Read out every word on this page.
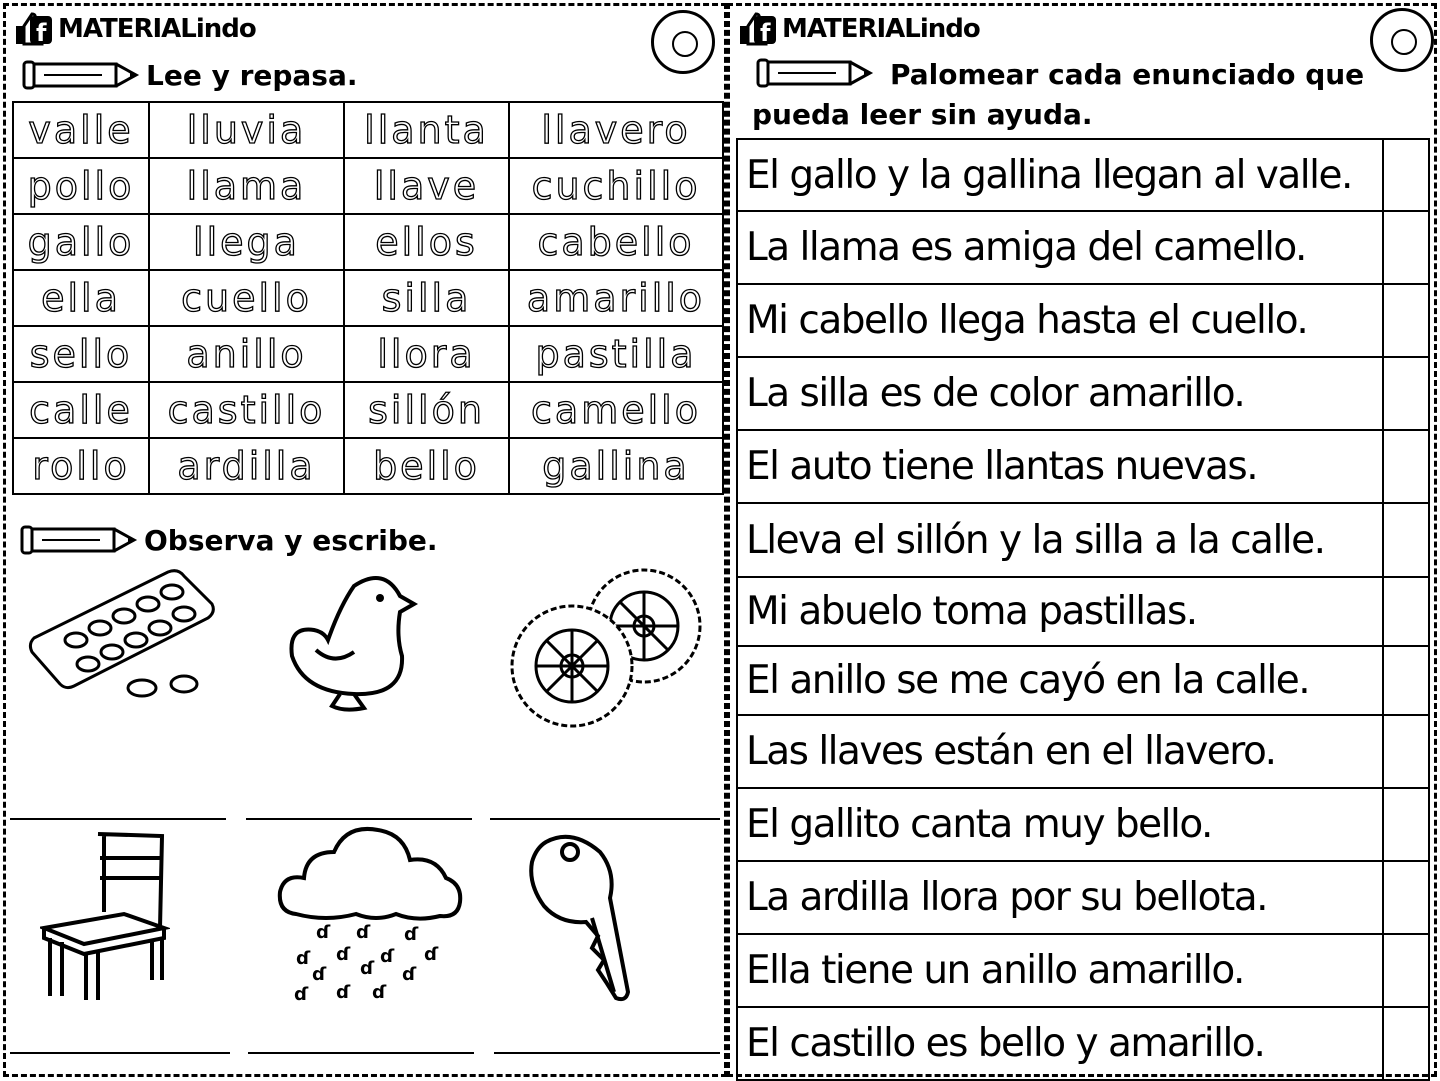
f MATERIALindo
Lee y repasa.
valle	lluvia	llanta	llavero
pollo	llama	llave	cuchillo
gallo	llega	ellos	cabello
ella	cuello	silla	amarillo
sello	anillo	llora	pastilla
calle	castillo	sillón	camello
rollo	ardilla	bello	gallina
Observa y escribe.
ɗ ɗ ɗ
ɗ ɗ ɗ ɗ
ɗ ɗ ɗ
ɗ ɗ ɗ
f MATERIALindo
Palomear cada enunciado que pueda leer sin ayuda.
El gallo y la gallina llegan al valle.	
La llama es amiga del camello.	
Mi cabello llega hasta el cuello.	
La silla es de color amarillo.	
El auto tiene llantas nuevas.	
Lleva el sillón y la silla a la calle.	
Mi abuelo toma pastillas.	
El anillo se me cayó en la calle.	
Las llaves están en el llavero.	
El gallito canta muy bello.	
La ardilla llora por su bellota.	
Ella tiene un anillo amarillo.	
El castillo es bello y amarillo.	
